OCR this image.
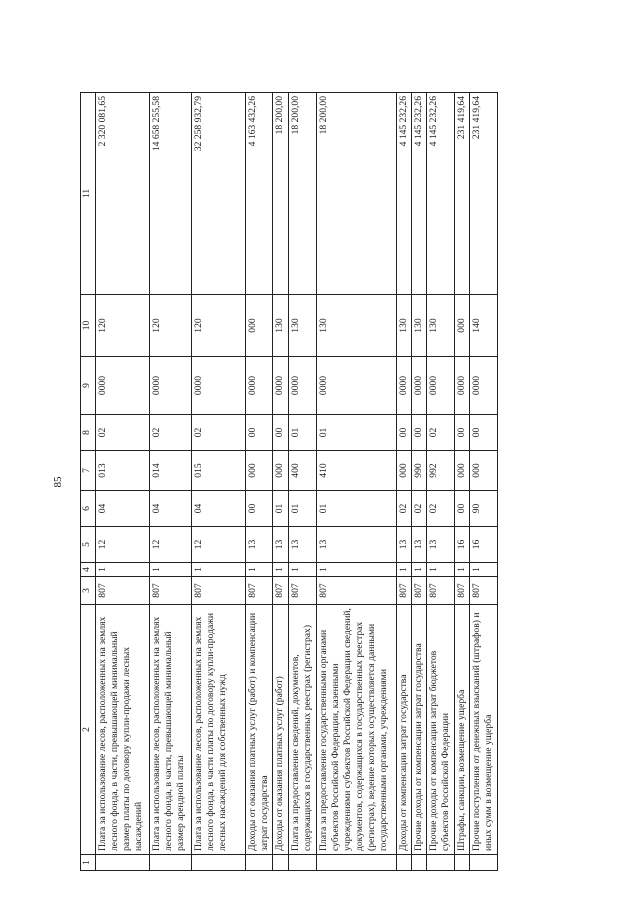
85
1	2	3	4	5	6	7	8	9	10	11
	Плата за использование лесов, расположенных на землях лесного фонда, в части, превышающей минимальный размер платы по договору купли-продажи лесных насаждений	807	1	12	04	013	02	0000	120	2 320 081,65
	Плата за использование лесов, расположенных на землях лесного фонда, в части, превышающей минимальный размер арендной платы	807	1	12	04	014	02	0000	120	14 658 255,58
	Плата за использование лесов, расположенных на землях лесного фонда, в части платы по договору купли-продажи лесных насаждений для собственных нужд	807	1	12	04	015	02	0000	120	32 258 932,79
	Доходы от оказания платных услуг (работ) и компенсации затрат государства	807	1	13	00	000	00	0000	000	4 163 432,26
	Доходы от оказания платных услуг (работ)	807	1	13	01	000	00	0000	130	18 200,00
	Плата за предоставление сведений, документов, содержащихся в государственных реестрах (регистрах)	807	1	13	01	400	01	0000	130	18 200,00
	Плата за предоставление государственными органами субъектов Российской Федерации, казенными учреждениями субъектов Российской Федерации сведений, документов, содержащихся в государственных реестрах (регистрах), ведение которых осуществляется данными государственными органами, учреждениями	807	1	13	01	410	01	0000	130	18 200,00
	Доходы от компенсации затрат государства	807	1	13	02	000	00	0000	130	4 145 232,26
	Прочие доходы от компенсации затрат государства	807	1	13	02	990	00	0000	130	4 145 232,26
	Прочие доходы от компенсации затрат бюджетов субъектов Российской Федерации	807	1	13	02	992	02	0000	130	4 145 232,26
	Штрафы, санкции, возмещение ущерба	807	1	16	00	000	00	0000	000	231 419,64
	Прочие поступления от денежных взысканий (штрафов) и иных сумм в возмещение ущерба	807	1	16	90	000	00	0000	140	231 419,64
